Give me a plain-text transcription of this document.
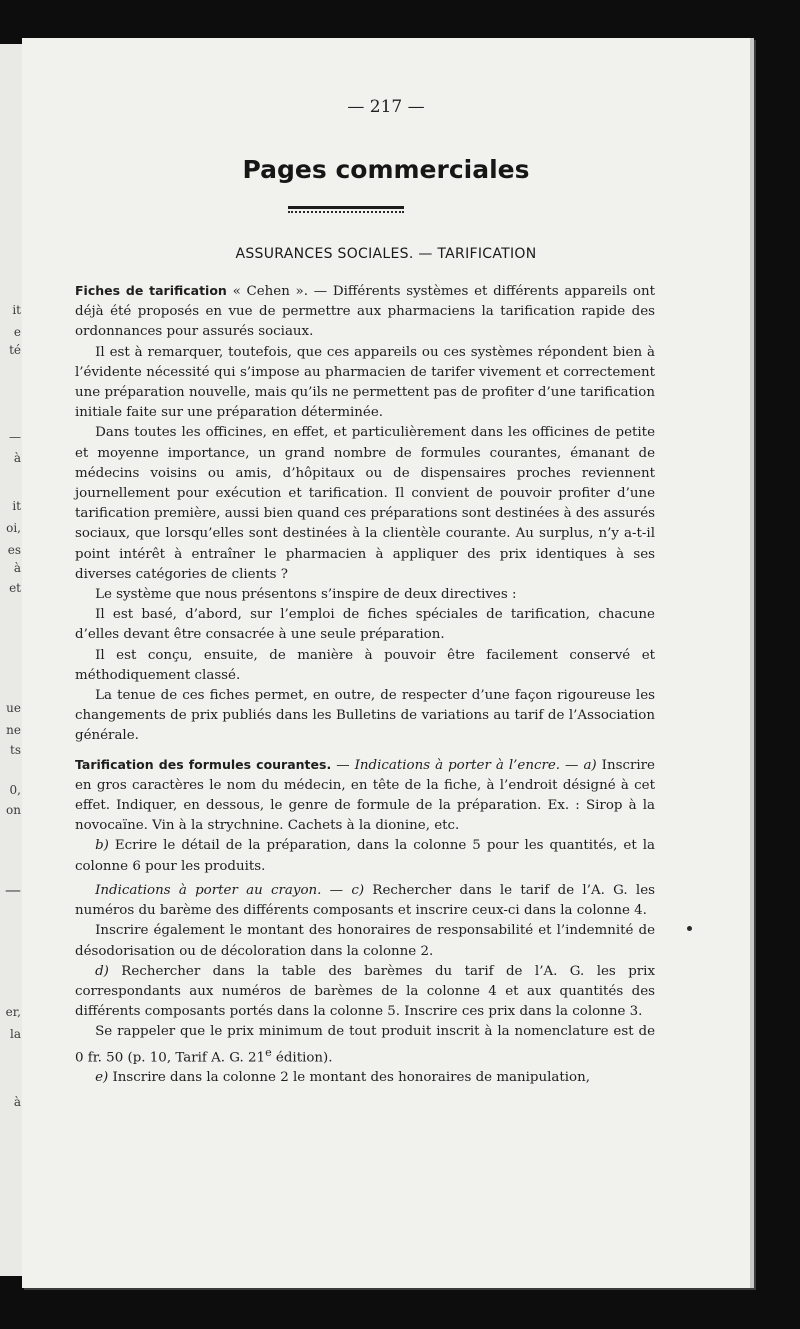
it
e
té
—
à
it
oi,
es
à
et
ue
ne
ts
0,
on
—
er,
la
à
— 217 —
Pages commerciales
ASSURANCES SOCIALES. — TARIFICATION

Fiches de tarification « Cehen ». — Différents systèmes et différents appareils ont déjà été proposés en vue de permettre aux pharmaciens la tarification rapide des ordonnances pour assurés sociaux.

Il est à remarquer, toutefois, que ces appareils ou ces systèmes répondent bien à l’évidente nécessité qui s’impose au pharmacien de tarifer vivement et correctement une préparation nouvelle, mais qu’ils ne permettent pas de profiter d’une tarification initiale faite sur une préparation déterminée.

Dans toutes les officines, en effet, et particulièrement dans les officines de petite et moyenne importance, un grand nombre de formules courantes, émanant de médecins voisins ou amis, d’hôpitaux ou de dispensaires proches reviennent journellement pour exécution et tarification. Il convient de pouvoir profiter d’une tarification première, aussi bien quand ces préparations sont destinées à des assurés sociaux, que lorsqu’elles sont destinées à la clientèle courante. Au surplus, n’y a-t-il point intérêt à entraîner le pharmacien à appliquer des prix identiques à ses diverses catégories de clients ?

Le système que nous présentons s’inspire de deux directives :

Il est basé, d’abord, sur l’emploi de fiches spéciales de tarification, chacune d’elles devant être consacrée à une seule préparation.

Il est conçu, ensuite, de manière à pouvoir être facilement conservé et méthodiquement classé.

La tenue de ces fiches permet, en outre, de respecter d’une façon rigoureuse les changements de prix publiés dans les Bulletins de variations au tarif de l’Association générale.

Tarification des formules courantes. — Indications à porter à l’encre. — a) Inscrire en gros caractères le nom du médecin, en tête de la fiche, à l’endroit désigné à cet effet. Indiquer, en dessous, le genre de formule de la préparation. Ex. : Sirop à la novocaïne. Vin à la strychnine. Cachets à la dionine, etc.

b) Ecrire le détail de la préparation, dans la colonne 5 pour les quantités, et la colonne 6 pour les produits.

Indications à porter au crayon. — c) Rechercher dans le tarif de l’A. G. les numéros du barème des différents composants et inscrire ceux-ci dans la colonne 4.

Inscrire également le montant des honoraires de responsabilité et l’indemnité de désodorisation ou de décoloration dans la colonne 2.

d) Rechercher dans la table des barèmes du tarif de l’A. G. les prix correspondants aux numéros de barèmes de la colonne 4 et aux quantités des différents composants portés dans la colonne 5. Inscrire ces prix dans la colonne 3.

Se rappeler que le prix minimum de tout produit inscrit à la nomenclature est de 0 fr. 50 (p. 10, Tarif A. G. 21e édition).

e) Inscrire dans la colonne 2 le montant des honoraires de manipulation,
